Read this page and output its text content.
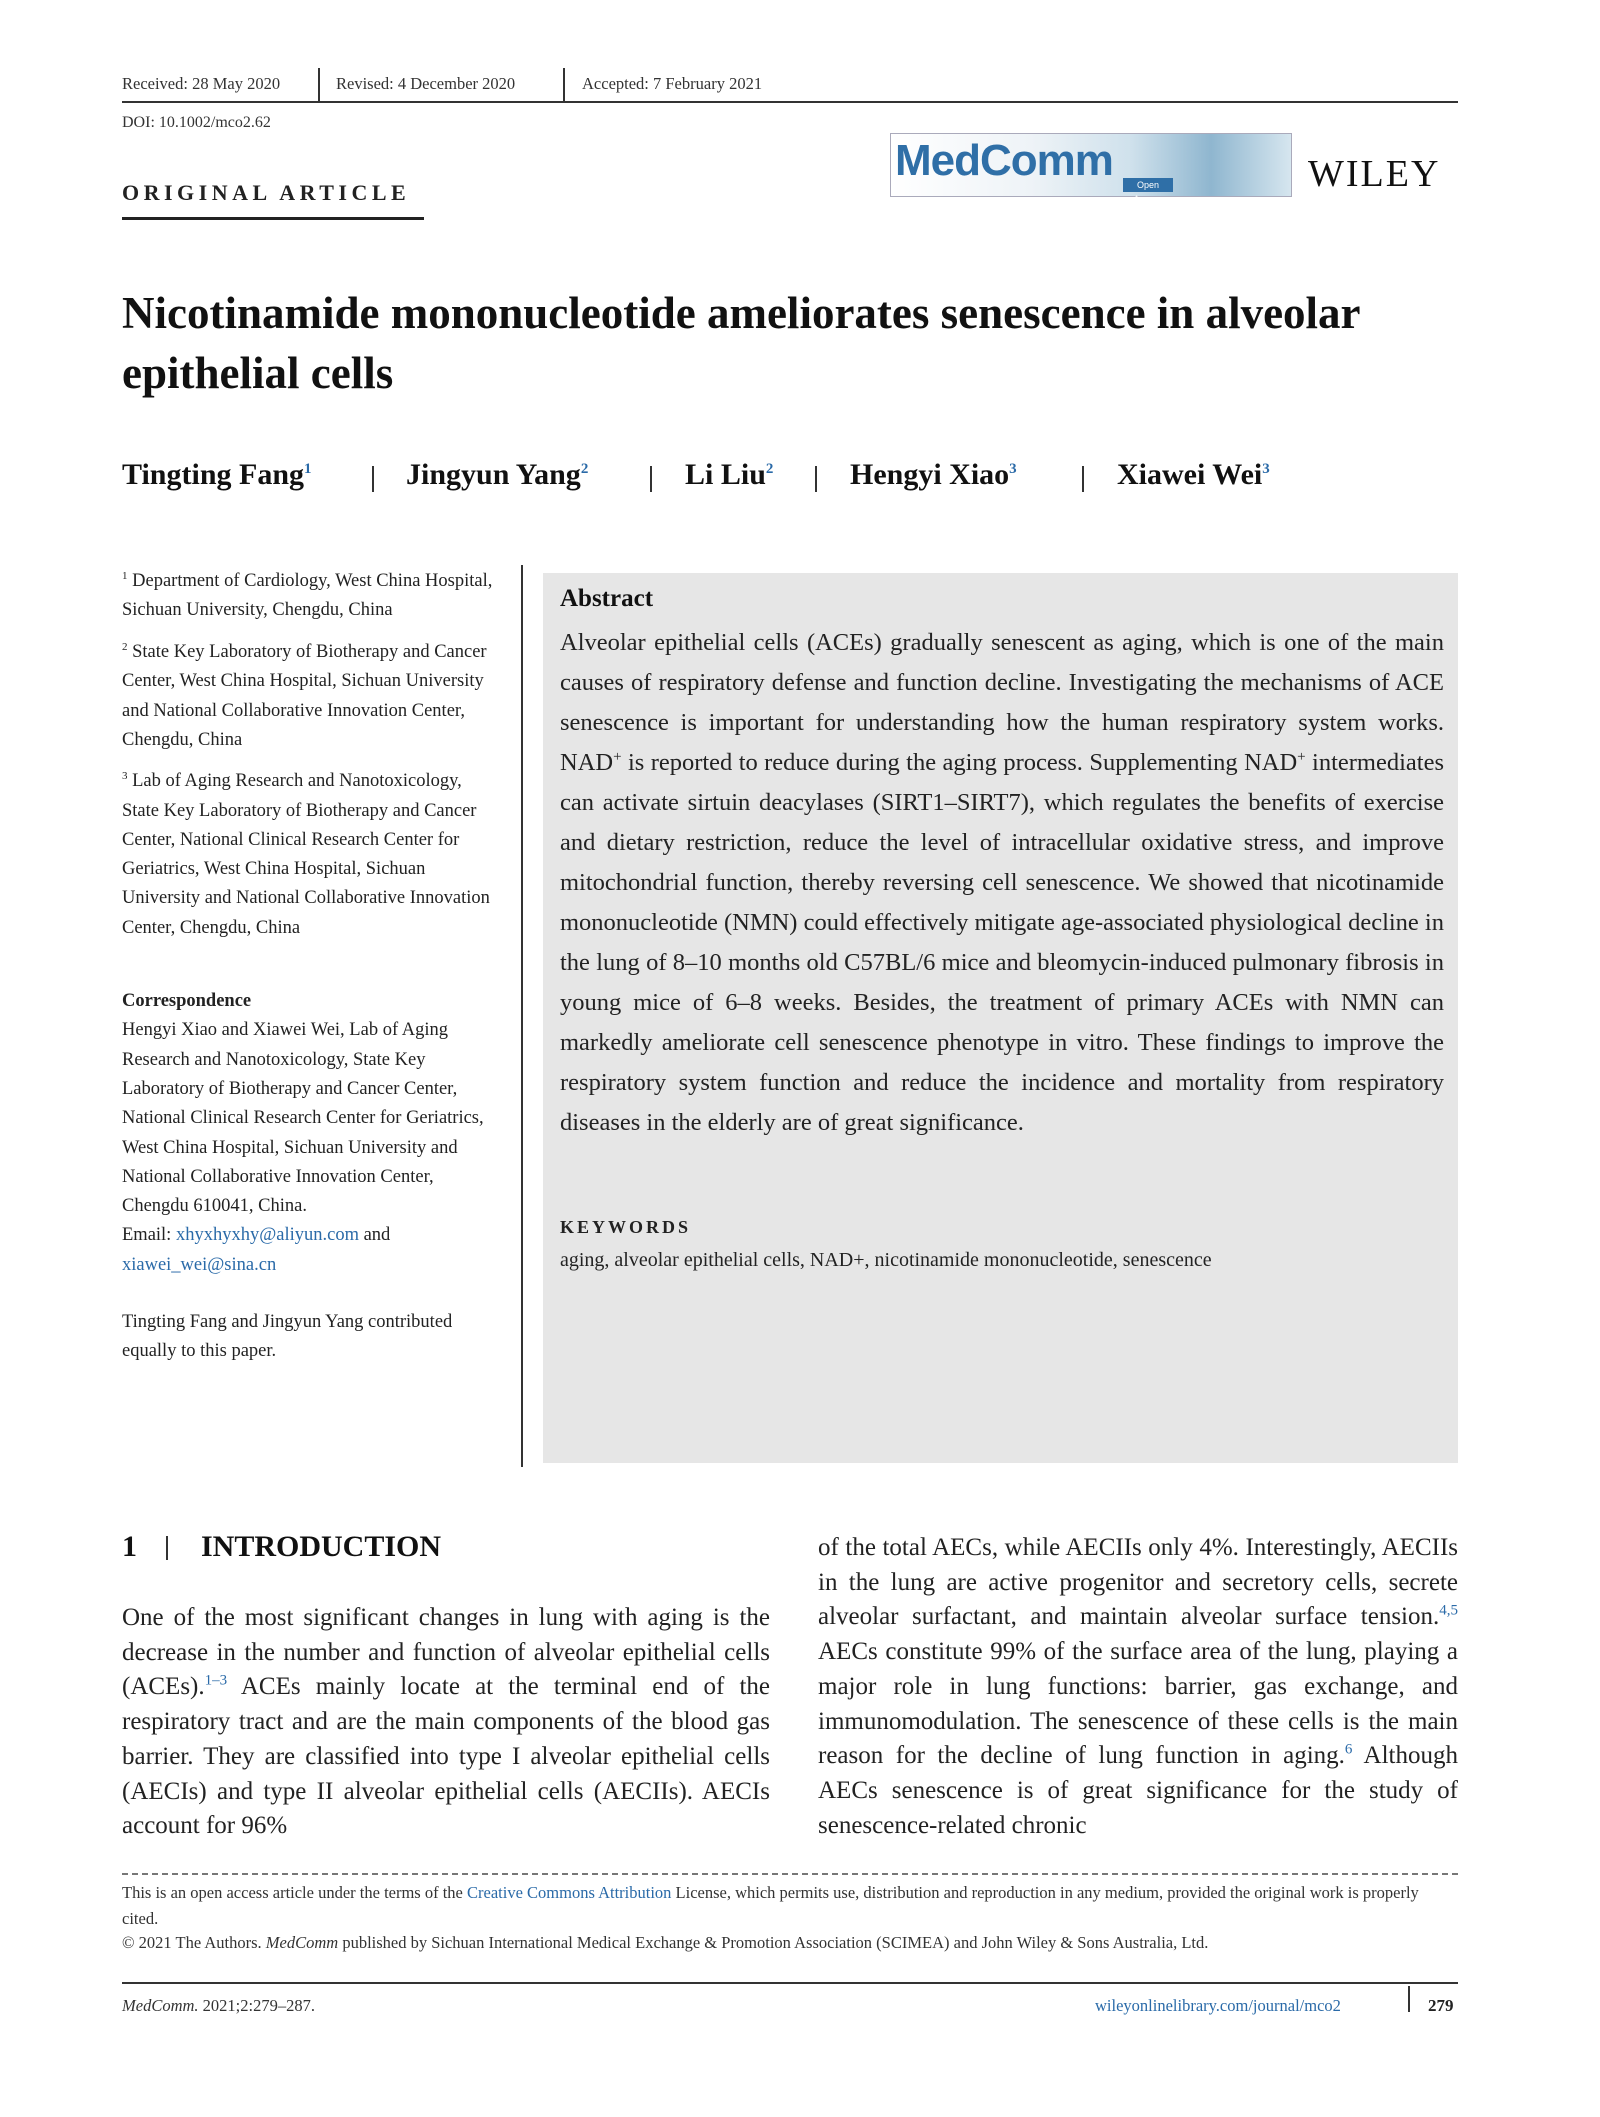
Received: 28 May 2020	Revised: 4 December 2020	Accepted: 7 February 2021
DOI: 10.1002/mco2.62
ORIGINAL ARTICLE
MedComm	Open Access
WILEY
Nicotinamide mononucleotide ameliorates senescence in alveolar epithelial cells
Tingting Fang$^1$	Jingyun Yang$^2$	Li Liu$^2$	Hengyi Xiao$^3$	Xiawei Wei$^3$
$^1$ Department of Cardiology, West China Hospital, Sichuan University, Chengdu, China
$^2$ State Key Laboratory of Biotherapy and Cancer Center, West China Hospital, Sichuan University and National Collaborative Innovation Center, Chengdu, China
$^3$ Lab of Aging Research and Nanotoxicology, State Key Laboratory of Biotherapy and Cancer Center, National Clinical Research Center for Geriatrics, West China Hospital, Sichuan University and National Collaborative Innovation Center, Chengdu, China
Correspondence
Hengyi Xiao and Xiawei Wei, Lab of Aging Research and Nanotoxicology, State Key Laboratory of Biotherapy and Cancer Center, National Clinical Research Center for Geriatrics, West China Hospital, Sichuan University and National Collaborative Innovation Center, Chengdu 610041, China.
Email: xhyxhyxhy@aliyun.com and xiawei_wei@sina.cn
Tingting Fang and Jingyun Yang contributed equally to this paper.
Abstract
Alveolar epithelial cells (ACEs) gradually senescent as aging, which is one of the main causes of respiratory defense and function decline. Investigating the mechanisms of ACE senescence is important for understanding how the human respiratory system works. NAD+ is reported to reduce during the aging process. Supplementing NAD+ intermediates can activate sirtuin deacylases (SIRT1–SIRT7), which regulates the benefits of exercise and dietary restriction, reduce the level of intracellular oxidative stress, and improve mitochondrial function, thereby reversing cell senescence. We showed that nicotinamide mononucleotide (NMN) could effectively mitigate age-associated physiological decline in the lung of 8–10 months old C57BL/6 mice and bleomycin-induced pulmonary fibrosis in young mice of 6–8 weeks. Besides, the treatment of primary ACEs with NMN can markedly ameliorate cell senescence phenotype in vitro. These findings to improve the respiratory system function and reduce the incidence and mortality from respiratory diseases in the elderly are of great significance.
KEYWORDS
aging, alveolar epithelial cells, NAD+, nicotinamide mononucleotide, senescence
1 INTRODUCTION
One of the most significant changes in lung with aging is the decrease in the number and function of alveolar epithelial cells (ACEs).$^{1-3}$ ACEs mainly locate at the terminal end of the respiratory tract and are the main components of the blood gas barrier. They are classified into type I alveolar epithelial cells (AECIs) and type II alveolar epithelial cells (AECIIs). AECIs account for 96%
of the total AECs, while AECIIs only 4%. Interestingly, AECIIs in the lung are active progenitor and secretory cells, secrete alveolar surfactant, and maintain alveolar surface tension.$^{4,5}$ AECs constitute 99% of the surface area of the lung, playing a major role in lung functions: barrier, gas exchange, and immunomodulation. The senescence of these cells is the main reason for the decline of lung function in aging.$^6$ Although AECs senescence is of great significance for the study of senescence-related chronic
This is an open access article under the terms of the Creative Commons Attribution License, which permits use, distribution and reproduction in any medium, provided the original work is properly cited.
© 2021 The Authors. MedComm published by Sichuan International Medical Exchange & Promotion Association (SCIMEA) and John Wiley & Sons Australia, Ltd.
MedComm. 2021;2:279–287.	wileyonlinelibrary.com/journal/mco2	279
